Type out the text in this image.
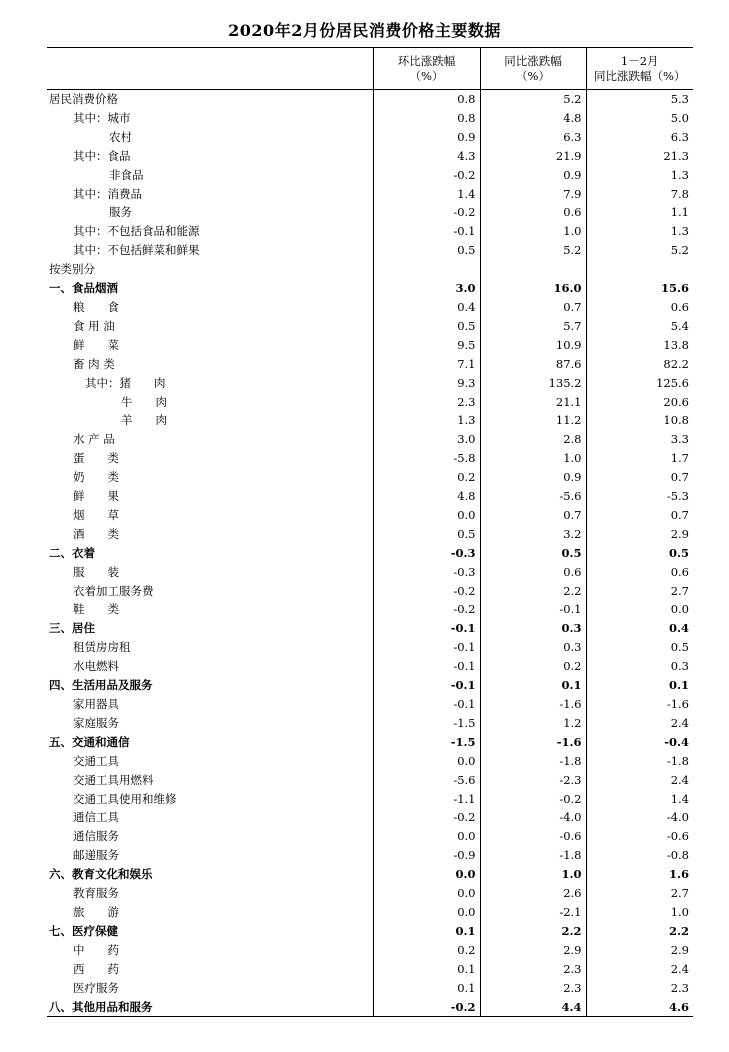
2020年2月份居民消费价格主要数据
	环比涨跌幅
（%）	同比涨跌幅
（%）	1－2月
同比涨跌幅（%）
居民消费价格	0.8	5.2	5.3
其中：城市	0.8	4.8	5.0
农村	0.9	6.3	6.3
其中：食品	4.3	21.9	21.3
非食品	-0.2	0.9	1.3
其中：消费品	1.4	7.9	7.8
服务	-0.2	0.6	1.1
其中：不包括食品和能源	-0.1	1.0	1.3
其中：不包括鲜菜和鲜果	0.5	5.2	5.2
按类别分			
一、食品烟酒	3.0	16.0	15.6
粮　　食	0.4	0.7	0.6
食 用 油	0.5	5.7	5.4
鲜　　菜	9.5	10.9	13.8
畜 肉 类	7.1	87.6	82.2
其中：猪　　肉	9.3	135.2	125.6
牛　　肉	2.3	21.1	20.6
羊　　肉	1.3	11.2	10.8
水 产 品	3.0	2.8	3.3
蛋　　类	-5.8	1.0	1.7
奶　　类	0.2	0.9	0.7
鲜　　果	4.8	-5.6	-5.3
烟　　草	0.0	0.7	0.7
酒　　类	0.5	3.2	2.9
二、衣着	-0.3	0.5	0.5
服　　装	-0.3	0.6	0.6
衣着加工服务费	-0.2	2.2	2.7
鞋　　类	-0.2	-0.1	0.0
三、居住	-0.1	0.3	0.4
租赁房房租	-0.1	0.3	0.5
水电燃料	-0.1	0.2	0.3
四、生活用品及服务	-0.1	0.1	0.1
家用器具	-0.1	-1.6	-1.6
家庭服务	-1.5	1.2	2.4
五、交通和通信	-1.5	-1.6	-0.4
交通工具	0.0	-1.8	-1.8
交通工具用燃料	-5.6	-2.3	2.4
交通工具使用和维修	-1.1	-0.2	1.4
通信工具	-0.2	-4.0	-4.0
通信服务	0.0	-0.6	-0.6
邮递服务	-0.9	-1.8	-0.8
六、教育文化和娱乐	0.0	1.0	1.6
教育服务	0.0	2.6	2.7
旅　　游	0.0	-2.1	1.0
七、医疗保健	0.1	2.2	2.2
中　　药	0.2	2.9	2.9
西　　药	0.1	2.3	2.4
医疗服务	0.1	2.3	2.3
八、其他用品和服务	-0.2	4.4	4.6
